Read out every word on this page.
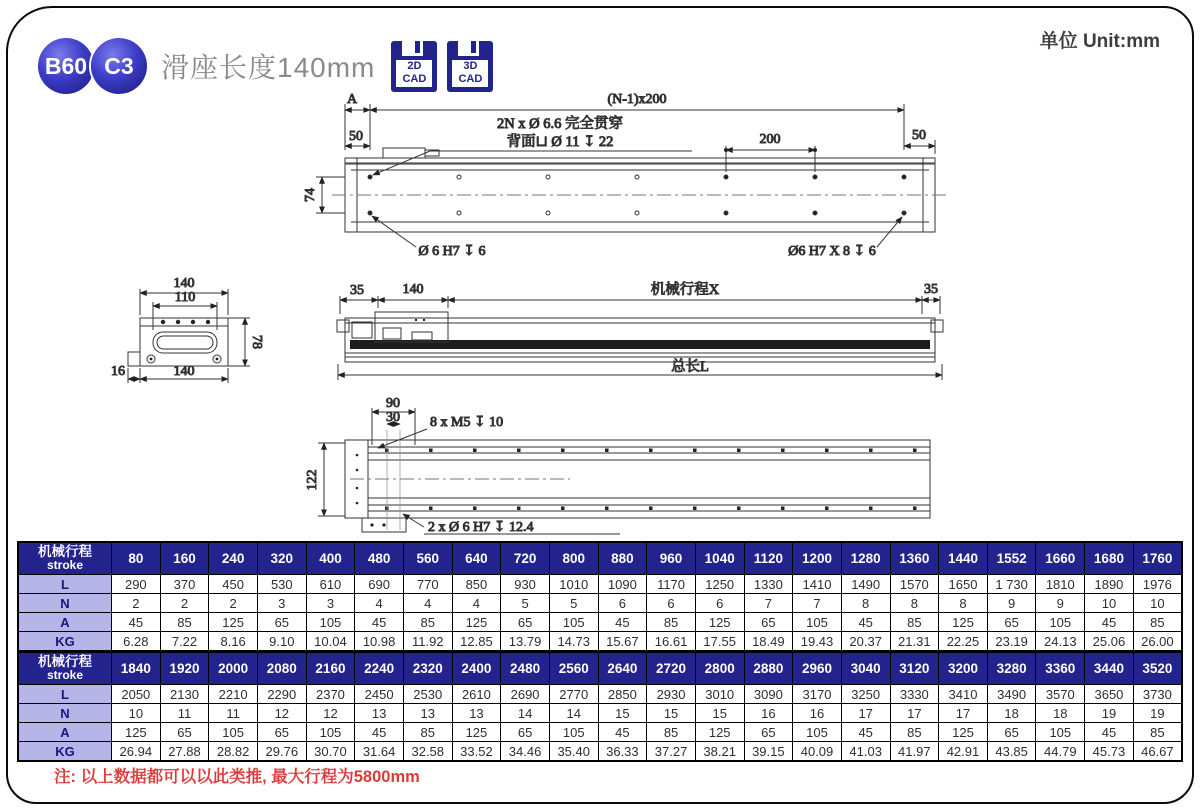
B60 C3 滑座长度140mm	2D
CAD
3D
CAD
单位 Unit:mm
A	(N-1)x200
50	200	50
74
2N x Ø 6.6 完全贯穿
背面⊔ Ø 11 ↧ 22
Ø 6 H7 ↧ 6	Ø6 H7 X 8 ↧ 6
140
110
78
16	140
35	140	机械行程X	35
总长L
90
30 8 x M5 ↧ 10
122
2 x Ø 6 H7 ↧ 12.4
机械行程
stroke	80	160	240	320	400	480	560	640	720	800	880	960	1040	1120	1200	1280	1360	1440	1552	1660	1680	1760
L	290	370	450	530	610	690	770	850	930	1010	1090	1170	1250	1330	1410	1490	1570	1650	1 730	1810	1890	1976
N	2	2	2	3	3	4	4	4	5	5	6	6	6	7	7	8	8	8	9	9	10	10
A	45	85	125	65	105	45	85	125	65	105	45	85	125	65	105	45	85	125	65	105	45	85
KG	6.28	7.22	8.16	9.10	10.04	10.98	11.92	12.85	13.79	14.73	15.67	16.61	17.55	18.49	19.43	20.37	21.31	22.25	23.19	24.13	25.06	26.00
机械行程
stroke	1840	1920	2000	2080	2160	2240	2320	2400	2480	2560	2640	2720	2800	2880	2960	3040	3120	3200	3280	3360	3440	3520
L	2050	2130	2210	2290	2370	2450	2530	2610	2690	2770	2850	2930	3010	3090	3170	3250	3330	3410	3490	3570	3650	3730
N	10	11	11	12	12	13	13	13	14	14	15	15	15	16	16	17	17	17	18	18	19	19
A	125	65	105	65	105	45	85	125	65	105	45	85	125	65	105	45	85	125	65	105	45	85
KG	26.94	27.88	28.82	29.76	30.70	31.64	32.58	33.52	34.46	35.40	36.33	37.27	38.21	39.15	40.09	41.03	41.97	42.91	43.85	44.79	45.73	46.67
注: 以上数据都可以以此类推, 最大行程为5800mm
